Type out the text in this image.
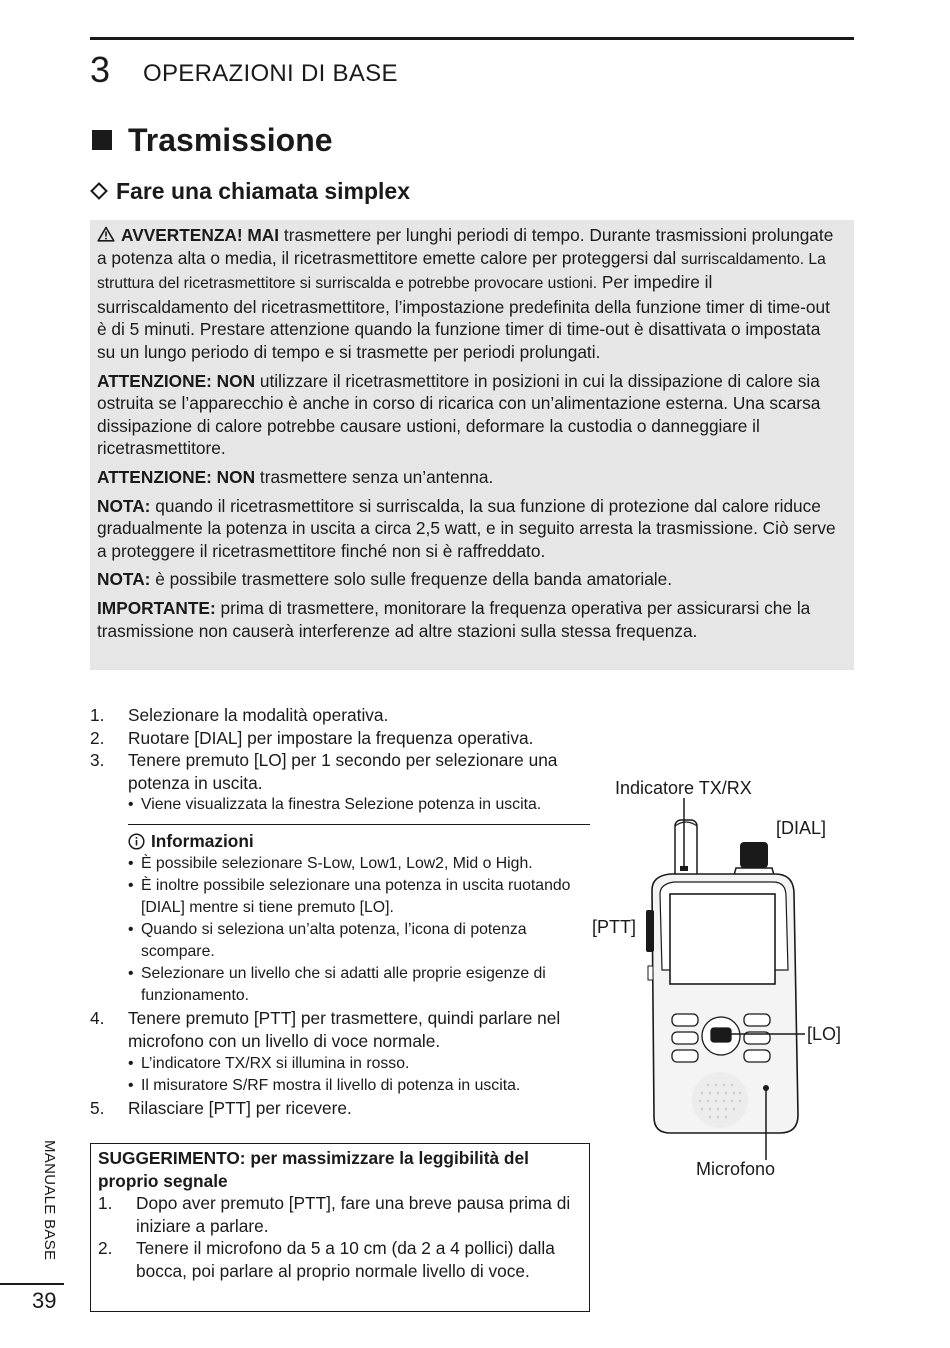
3 OPERAZIONI DI BASE
Trasmissione
Fare una chiamata simplex

AVVERTENZA! MAI trasmettere per lunghi periodi di tempo. Durante trasmissioni prolungate a potenza alta o media, il ricetrasmettitore emette calore per proteggersi dal surriscaldamento. La struttura del ricetrasmettitore si surriscalda e potrebbe provocare ustioni. Per impedire il surriscaldamento del ricetrasmettitore, l’impostazione predefinita della funzione timer di time-out è di 5 minuti. Prestare attenzione quando la funzione timer di time-out è disattivata o impostata su un lungo periodo di tempo e si trasmette per periodi prolungati.

ATTENZIONE: NON utilizzare il ricetrasmettitore in posizioni in cui la dissipazione di calore sia ostruita se l’apparecchio è anche in corso di ricarica con un’alimentazione esterna. Una scarsa dissipazione di calore potrebbe causare ustioni, deformare la custodia o danneggiare il ricetrasmettitore.

ATTENZIONE: NON trasmettere senza un’antenna.

NOTA: quando il ricetrasmettitore si surriscalda, la sua funzione di protezione dal calore riduce gradualmente la potenza in uscita a circa 2,5 watt, e in seguito arresta la trasmissione. Ciò serve a proteggere il ricetrasmettitore finché non si è raffreddato.

NOTA: è possibile trasmettere solo sulle frequenze della banda amatoriale.

IMPORTANTE: prima di trasmettere, monitorare la frequenza operativa per assicurarsi che la trasmissione non causerà interferenze ad altre stazioni sulla stessa frequenza.

1. Selezionare la modalità operativa.
2. Ruotare [DIAL] per impostare la frequenza operativa.
3. Tenere premuto [LO] per 1 secondo per selezionare una potenza in uscita.
• Viene visualizzata la finestra Selezione potenza in uscita.
Informazioni
• È possibile selezionare S-Low, Low1, Low2, Mid o High.
• È inoltre possibile selezionare una potenza in uscita ruotando [DIAL] mentre si tiene premuto [LO].
• Quando si seleziona un’alta potenza, l’icona di potenza scompare.
• Selezionare un livello che si adatti alle proprie esigenze di funzionamento.
4. Tenere premuto [PTT] per trasmettere, quindi parlare nel microfono con un livello di voce normale.
• L’indicatore TX/RX si illumina in rosso.
• Il misuratore S/RF mostra il livello di potenza in uscita.
5. Rilasciare [PTT] per ricevere.
SUGGERIMENTO: per massimizzare la leggibilità del proprio segnale
1. Dopo aver premuto [PTT], fare una breve pausa prima di iniziare a parlare.
2. Tenere il microfono da 5 a 10 cm (da 2 a 4 pollici) dalla bocca, poi parlare al proprio normale livello di voce.
MANUALE BASE
39
Indicatore TX/RX
[DIAL]
[PTT]
[LO]
Microfono
